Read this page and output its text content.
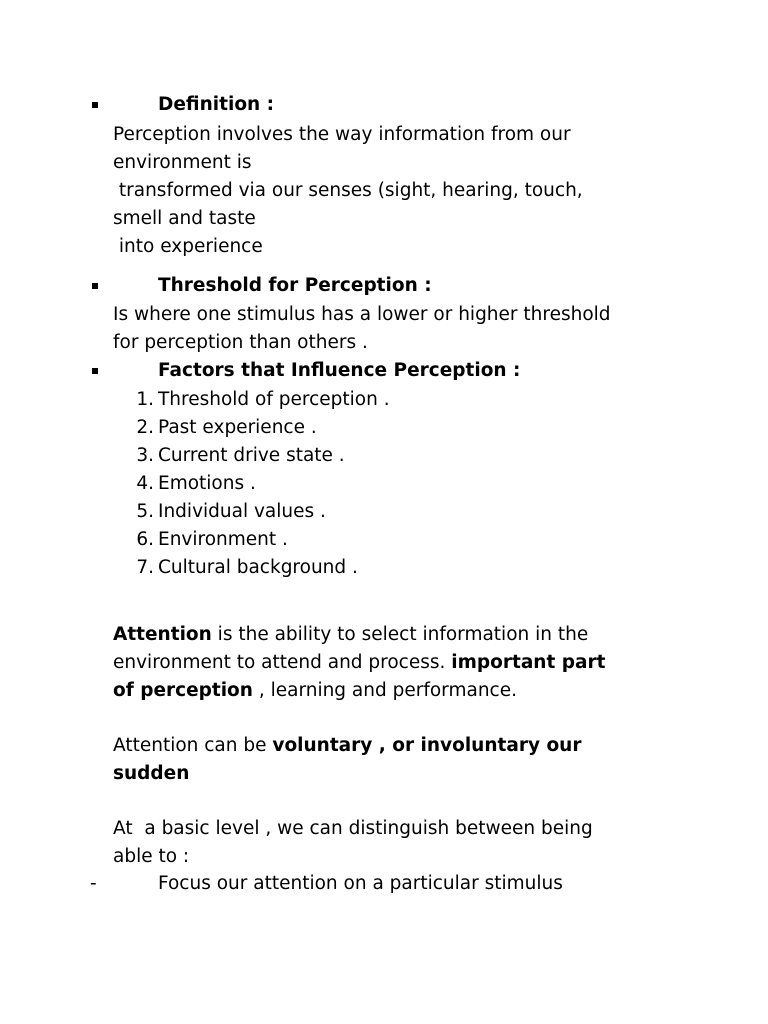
Definition :
Perception involves the way information from our
environment is
transformed via our senses (sight, hearing, touch,
smell and taste
into experience
Threshold for Perception :
Is where one stimulus has a lower or higher threshold
for perception than others .
Factors that Influence Perception :
1. Threshold of perception .
2. Past experience .
3. Current drive state .
4. Emotions .
5. Individual values .
6. Environment .
7. Cultural background .
Attention is the ability to select information in the
environment to attend and process. important part
of perception , learning and performance.
Attention can be voluntary , or involuntary our
sudden
At  a basic level , we can distinguish between being
able to :
-	Focus our attention on a particular stimulus
